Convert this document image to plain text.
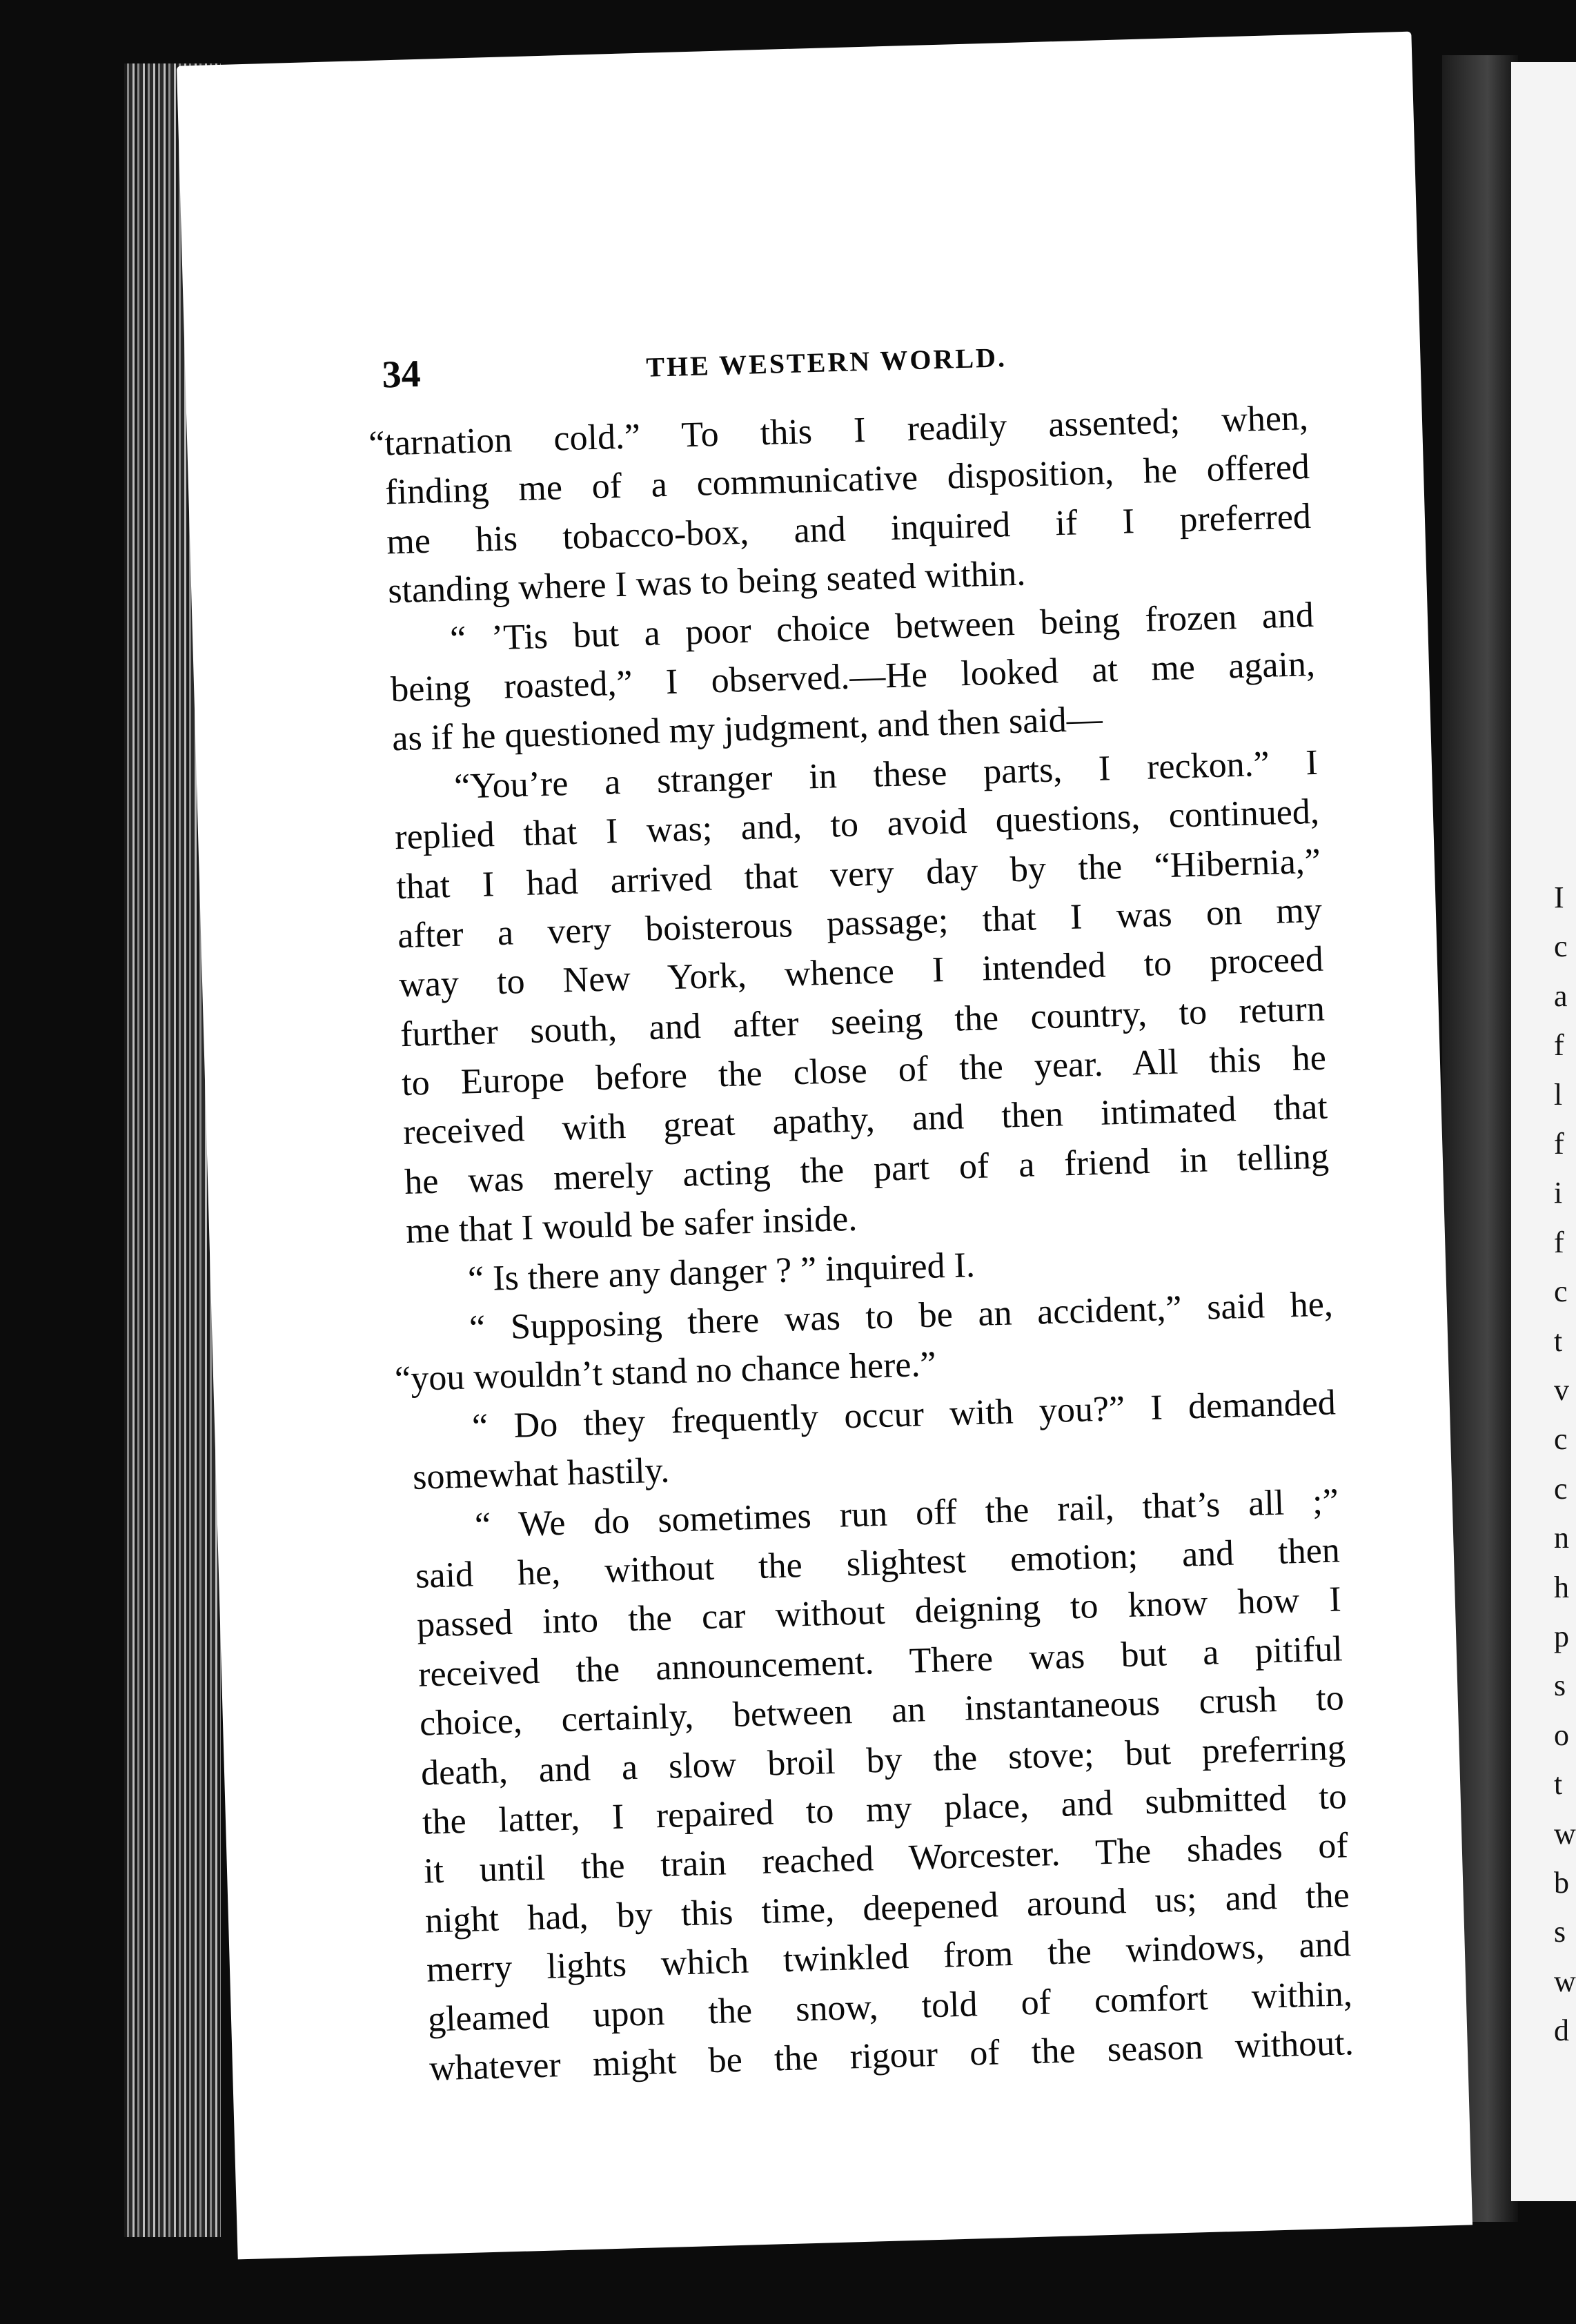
I
c
a
f
l
f
i
f
c
t
v
c
c
n
h
p
s
o
t
w
b
s
w
d
34	THE WESTERN WORLD.
“tarnation cold.” To this I readily assented; when,
finding me of a communicative disposition, he offered
me his tobacco-box, and inquired if I preferred
standing where I was to being seated within.
“ ’Tis but a poor choice between being frozen and
being roasted,” I observed.—He looked at me again,
as if he questioned my judgment, and then said—
“You’re a stranger in these parts, I reckon.” I
replied that I was; and, to avoid questions, continued,
that I had arrived that very day by the “Hibernia,”
after a very boisterous passage; that I was on my
way to New York, whence I intended to proceed
further south, and after seeing the country, to return
to Europe before the close of the year. All this he
received with great apathy, and then intimated that
he was merely acting the part of a friend in telling
me that I would be safer inside.
“ Is there any danger ? ” inquired I.
“ Supposing there was to be an accident,” said he,
“you wouldn’t stand no chance here.”
“ Do they frequently occur with you?” I demanded
somewhat hastily.
“ We do sometimes run off the rail, that’s all ;”
said he, without the slightest emotion; and then
passed into the car without deigning to know how I
received the announcement. There was but a pitiful
choice, certainly, between an instantaneous crush to
death, and a slow broil by the stove; but preferring
the latter, I repaired to my place, and submitted to
it until the train reached Worcester. The shades of
night had, by this time, deepened around us; and the
merry lights which twinkled from the windows, and
gleamed upon the snow, told of comfort within,
whatever might be the rigour of the season without.
